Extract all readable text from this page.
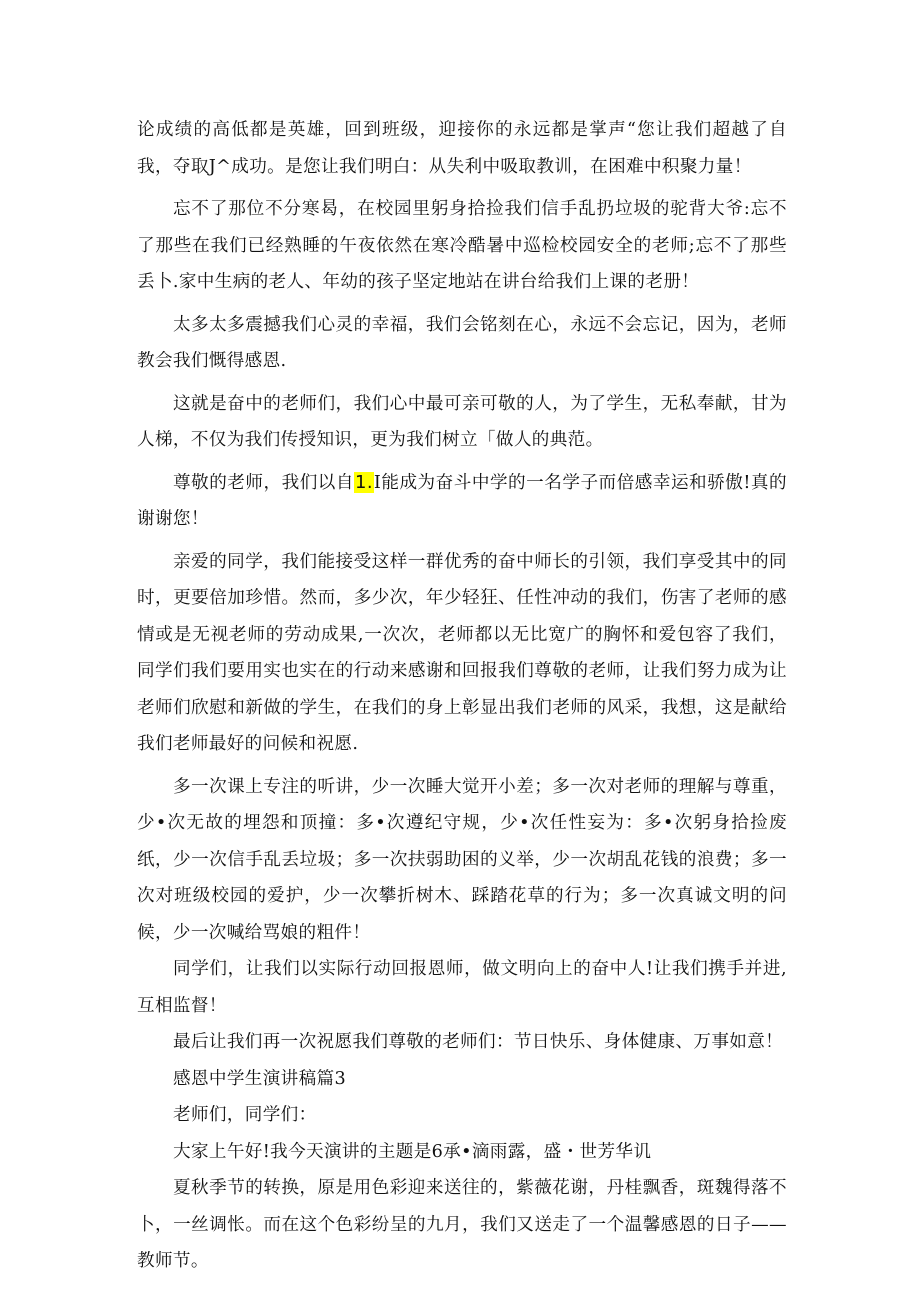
论成绩的高低都是英雄，回到班级，迎接你的永远都是掌声“您让我们超越了自我，夺取J^成功。是您让我们明白：从失利中吸取教训，在困难中积聚力量！

忘不了那位不分寒曷，在校园里躬身拾捡我们信手乱扔垃圾的驼背大爷:忘不了那些在我们已经熟睡的午夜依然在寒冷酷暑中巡检校园安全的老师;忘不了那些丢卜.家中生病的老人、年幼的孩子坚定地站在讲台给我们上课的老册！

太多太多震撼我们心灵的幸福，我们会铭刻在心，永远不会忘记，因为，老师教会我们慨得感恩.

这就是奋中的老师们，我们心中最可亲可敬的人，为了学生，无私奉献，甘为人梯，不仅为我们传授知识，更为我们树立「做人的典范。

尊敬的老师，我们以自1.I能成为奋斗中学的一名学子而倍感幸运和骄傲!真的谢谢您！

亲爱的同学，我们能接受这样一群优秀的奋中师长的引领，我们享受其中的同时，更要倍加珍惜。然而，多少次，年少轻狂、任性冲动的我们，伤害了老师的感情或是无视老师的劳动成果,一次次，老师都以无比宽广的胸怀和爱包容了我们，同学们我们要用实也实在的行动来感谢和回报我们尊敬的老师，让我们努力成为让老师们欣慰和新做的学生，在我们的身上彰显出我们老师的风采，我想，这是献给我们老师最好的问候和祝愿.

多一次课上专注的听讲，少一次睡大觉开小差；多一次对老师的理解与尊重，少•次无故的埋怨和顶撞：多•次遵纪守规，少•次任性妄为：多•次躬身拾捡废纸，少一次信手乱丢垃圾；多一次扶弱助困的义举，少一次胡乱花钱的浪费；多一次对班级校园的爱护，少一次攀折树木、踩踏花草的行为；多一次真诚文明的问候，少一次喊给骂娘的粗件！

同学们，让我们以实际行动回报恩师，做文明向上的奋中人!让我们携手并进,互相监督！

最后让我们再一次祝愿我们尊敬的老师们：节日快乐、身体健康、万事如意！

感恩中学生演讲稿篇3

老师们，同学们：

大家上午好!我今天演讲的主题是6承•滴雨露，盛・世芳华讥

夏秋季节的转换，原是用色彩迎来送往的，紫薇花谢，丹桂飘香，斑魏得落不卜，一丝调怅。而在这个色彩纷呈的九月，我们又送走了一个温馨感恩的日子——教师节。
